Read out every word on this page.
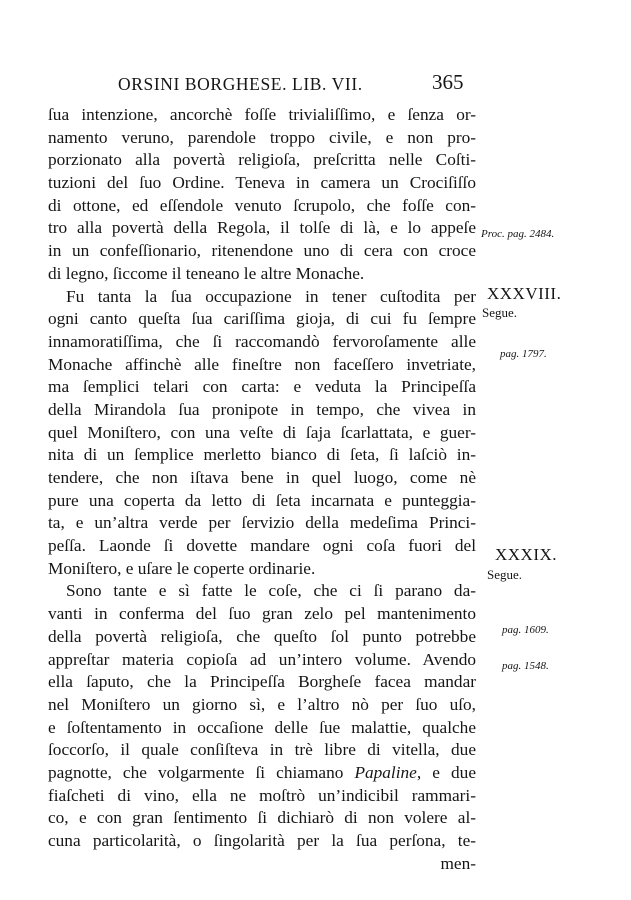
ORSINI BORGHESE. LIB. VII.	365
ſua intenzione, ancorchè foſſe trivialiſſimo, e ſenza or-
namento veruno, parendole troppo civile, e non pro-
porzionato alla povertà religioſa, preſcritta nelle Coſti-
tuzioni del ſuo Ordine. Teneva in camera un Crociſiſſo
di ottone, ed eſſendole venuto ſcrupolo, che foſſe con-
tro alla povertà della Regola, il tolſe di là, e lo appeſe
in un confeſſionario, ritenendone uno di cera con croce
di legno, ſiccome il teneano le altre Monache.
Fu tanta la ſua occupazione in tener cuſtodita per
ogni canto queſta ſua cariſſima gioja, di cui fu ſempre
innamoratiſſima, che ſi raccomandò fervoroſamente alle
Monache affinchè alle fineſtre non faceſſero invetriate,
ma ſemplici telari con carta: e veduta la Principeſſa
della Mirandola ſua pronipote in tempo, che vivea in
quel Moniſtero, con una veſte di ſaja ſcarlattata, e guer-
nita di un ſemplice merletto bianco di ſeta, ſi laſciò in-
tendere, che non iſtava bene in quel luogo, come nè
pure una coperta da letto di ſeta incarnata e punteggia-
ta, e un’altra verde per ſervizio della medeſima Princi-
peſſa. Laonde ſi dovette mandare ogni coſa fuori del
Moniſtero, e uſare le coperte ordinarie.
Sono tante e sì fatte le coſe, che ci ſi parano da-
vanti in conferma del ſuo gran zelo pel mantenimento
della povertà religioſa, che queſto ſol punto potrebbe
appreſtar materia copioſa ad un’intero volume. Avendo
ella ſaputo, che la Principeſſa Borgheſe facea mandar
nel Moniſtero un giorno sì, e l’altro nò per ſuo uſo,
e ſoſtentamento in occaſione delle ſue malattie, qualche
ſoccorſo, il quale conſiſteva in trè libre di vitella, due
pagnotte, che volgarmente ſi chiamano Papaline, e due
fiaſcheti di vino, ella ne moſtrò un’indicibil rammari-
co, e con gran ſentimento ſi dichiarò di non volere al-
cuna particolarità, o ſingolarità per la ſua perſona, te-
men-
Proc. pag. 2484.
XXXVIII.
Segue.
pag. 1797.
XXXIX.
Segue.
pag. 1609.
pag. 1548.
